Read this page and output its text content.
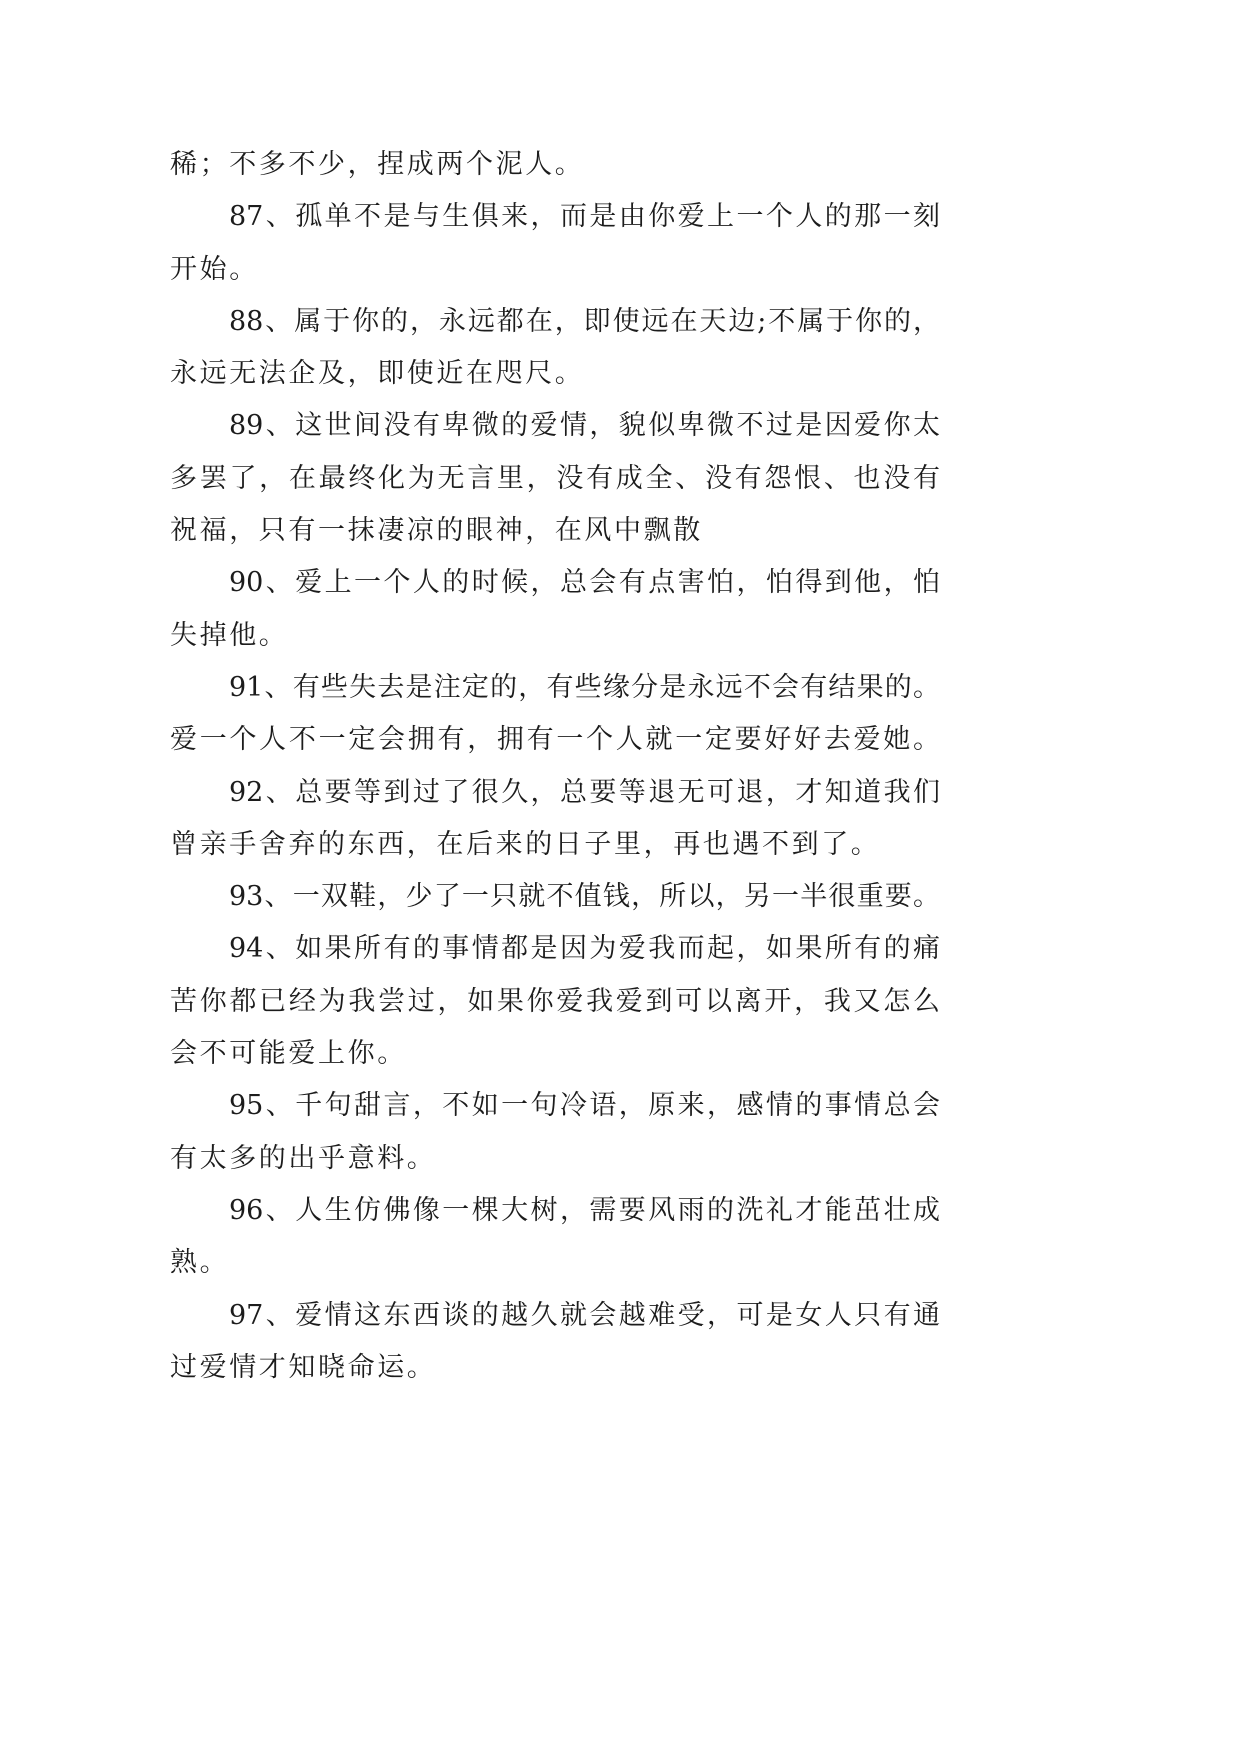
稀；不多不少，捏成两个泥人。
87、孤单不是与生俱来，而是由你爱上一个人的那一刻
开始。
88、属于你的，永远都在，即使远在天边;不属于你的，
永远无法企及，即使近在咫尺。
89、这世间没有卑微的爱情，貌似卑微不过是因爱你太
多罢了，在最终化为无言里，没有成全、没有怨恨、也没有
祝福，只有一抹凄凉的眼神，在风中飘散
90、爱上一个人的时候，总会有点害怕，怕得到他，怕
失掉他。
91、有些失去是注定的，有些缘分是永远不会有结果的。
爱一个人不一定会拥有，拥有一个人就一定要好好去爱她。
92、总要等到过了很久，总要等退无可退，才知道我们
曾亲手舍弃的东西，在后来的日子里，再也遇不到了。
93、一双鞋，少了一只就不值钱，所以，另一半很重要。
94、如果所有的事情都是因为爱我而起，如果所有的痛
苦你都已经为我尝过，如果你爱我爱到可以离开，我又怎么
会不可能爱上你。
95、千句甜言，不如一句冷语，原来，感情的事情总会
有太多的出乎意料。
96、人生仿佛像一棵大树，需要风雨的洗礼才能茁壮成
熟。
97、爱情这东西谈的越久就会越难受，可是女人只有通
过爱情才知晓命运。
